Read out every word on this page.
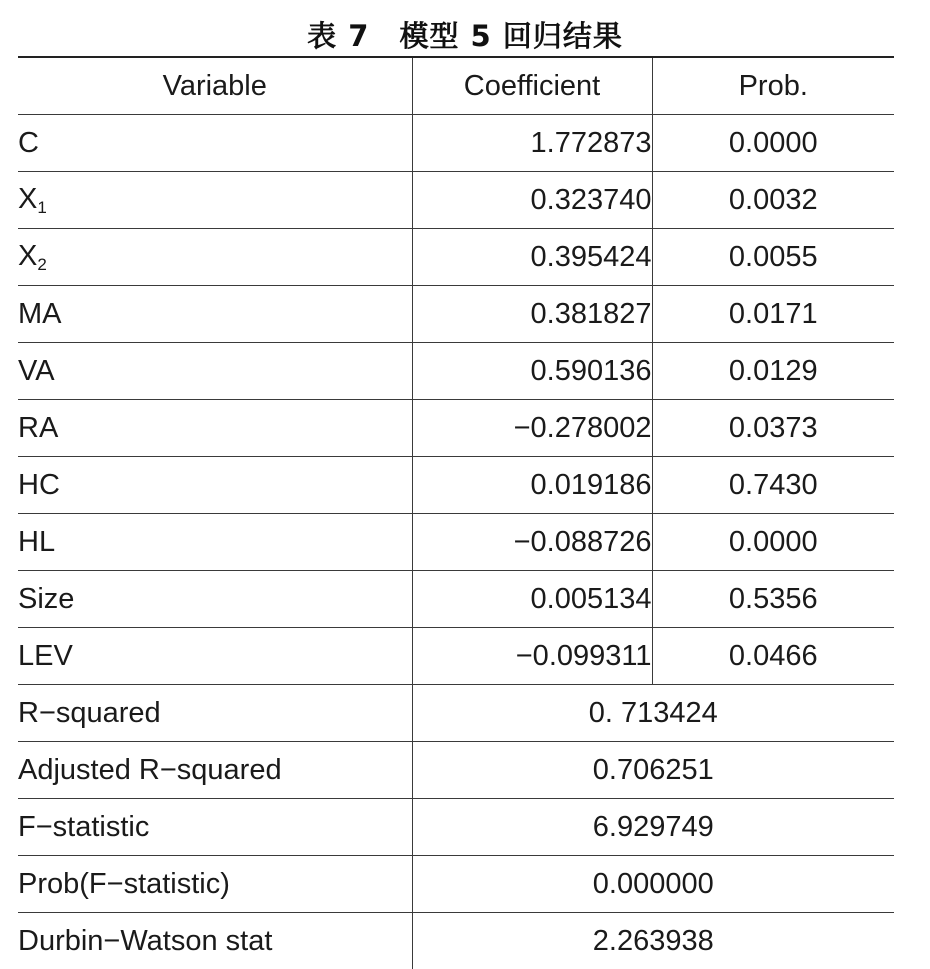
表 7 模型 5 回归结果
Variable	Coefficient	Prob.
C	1.772873	0.0000
$X_1$	0.323740	0.0032
$X_2$	0.395424	0.0055
MA	0.381827	0.0171
VA	0.590136	0.0129
RA	−0.278002	0.0373
HC	0.019186	0.7430
HL	−0.088726	0.0000
Size	0.005134	0.5356
LEV	−0.099311	0.0466
R−squared	0. 713424	
Adjusted R−squared	0.706251	
F−statistic	6.929749	
Prob(F−statistic)	0.000000	
Durbin−Watson stat	2.263938	
